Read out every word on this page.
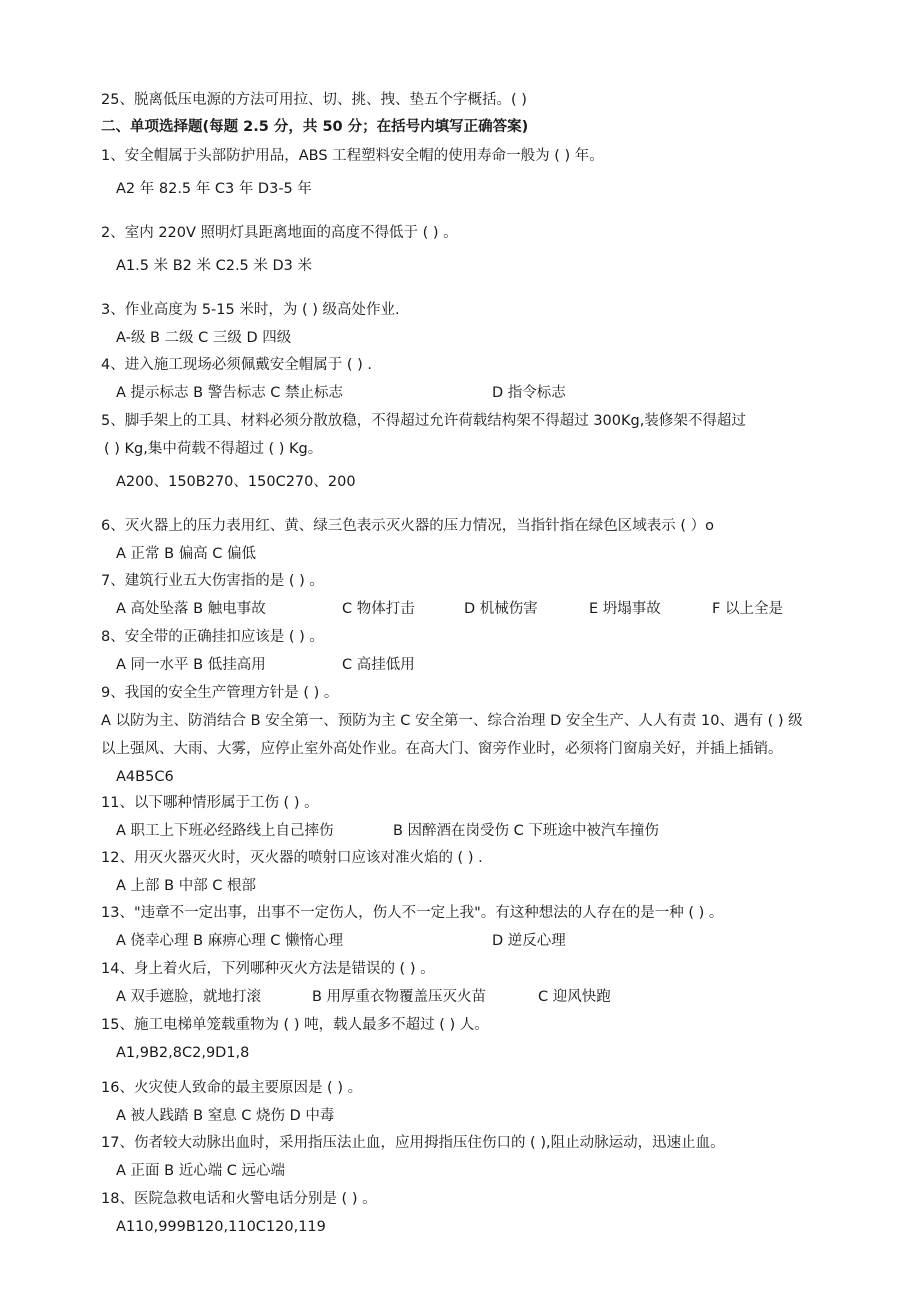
25、脱离低压电源的方法可用拉、切、挑、拽、垫五个字概括。( )
二、单项选择题(每题 2.5 分，共 50 分；在括号内填写正确答案)
1、安全帽属于头部防护用品，ABS 工程塑料安全帽的使用寿命一般为 ( ) 年。
A2 年 82.5 年 C3 年 D3-5 年
2、室内 220V 照明灯具距离地面的高度不得低于 ( ) 。
A1.5 米 B2 米 C2.5 米 D3 米
3、作业高度为 5-15 米时，为 ( ) 级高处作业.
A-级 B 二级 C 三级 D 四级
4、进入施工现场必须佩戴安全帽属于 ( ) .
A 提示标志 B 警告标志 C 禁止标志	D 指令标志
5、脚手架上的工具、材料必须分散放稳，不得超过允许荷载结构架不得超过 300Kg,装修架不得超过
( ) Kg,集中荷载不得超过 ( ) Kg。
A200、150B270、150C270、200
6、灭火器上的压力表用红、黄、绿三色表示灭火器的压力情况，当指针指在绿色区域表示 ( ）o
A 正常 B 偏高 C 偏低
7、建筑行业五大伤害指的是 ( ) 。
A 高处坠落 B 触电事故	C 物体打击	D 机械伤害	E 坍塌事故	F 以上全是
8、安全带的正确挂扣应该是 ( ) 。
A 同一水平 B 低挂高用	C 高挂低用
9、我国的安全生产管理方针是 ( ) 。
A 以防为主、防消结合 B 安全第一、预防为主 C 安全第一、综合治理 D 安全生产、人人有责 10、遇有 ( ) 级
以上强风、大雨、大雾，应停止室外高处作业。在高大门、窗旁作业时，必须将门窗扇关好，并插上插销。
A4B5C6
11、以下哪种情形属于工伤 ( ) 。
A 职工上下班必经路线上自己摔伤	B 因醉酒在岗受伤 C 下班途中被汽车撞伤
12、用灭火器灭火时，灭火器的喷射口应该对准火焰的 ( ) .
A 上部 B 中部 C 根部
13、"违章不一定出事，出事不一定伤人，伤人不一定上我"。有这种想法的人存在的是一种 ( ) 。
A 侥幸心理 B 麻痹心理 C 懒惰心理	D 逆反心理
14、身上着火后，下列哪种灭火方法是错误的 ( ) 。
A 双手遮脸，就地打滚	B 用厚重衣物覆盖压灭火苗	C 迎风快跑
15、施工电梯单笼载重物为 ( ) 吨，载人最多不超过 ( ) 人。
A1,9B2,8C2,9D1,8
16、火灾使人致命的最主要原因是 ( ) 。
A 被人践踏 B 窒息 C 烧伤 D 中毒
17、伤者较大动脉出血时，采用指压法止血，应用拇指压住伤口的 ( ),阻止动脉运动，迅速止血。
A 正面 B 近心端 C 远心端
18、医院急救电话和火警电话分别是 ( ) 。
A110,999B120,110C120,119
